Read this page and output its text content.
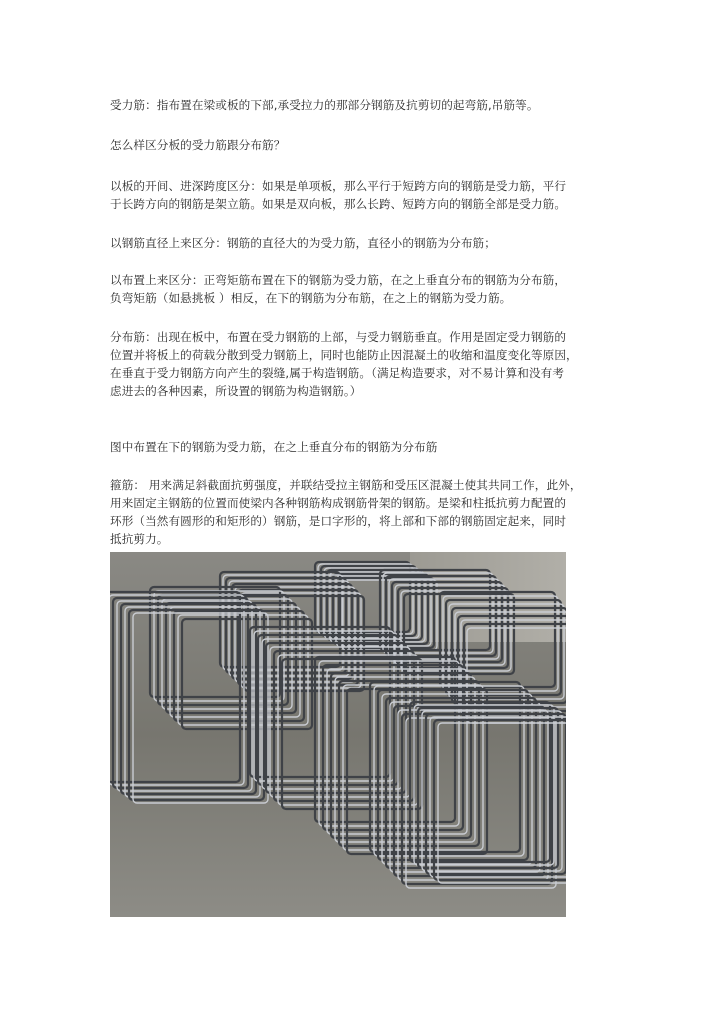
受力筋：指布置在梁或板的下部,承受拉力的那部分钢筋及抗剪切的起弯筋,吊筋等。
怎么样区分板的受力筋跟分布筋？
以板的开间、进深跨度区分：如果是单项板，那么平行于短跨方向的钢筋是受力筋，平行
于长跨方向的钢筋是架立筋。如果是双向板，那么长跨、短跨方向的钢筋全部是受力筋。
以钢筋直径上来区分：钢筋的直径大的为受力筋，直径小的钢筋为分布筋；
以布置上来区分：正弯矩筋布置在下的钢筋为受力筋，在之上垂直分布的钢筋为分布筋，
负弯矩筋（如悬挑板 ）相反，在下的钢筋为分布筋，在之上的钢筋为受力筋。
分布筋：出现在板中，布置在受力钢筋的上部，与受力钢筋垂直。作用是固定受力钢筋的
位置并将板上的荷载分散到受力钢筋上，同时也能防止因混凝土的收缩和温度变化等原因，
在垂直于受力钢筋方向产生的裂缝,属于构造钢筋。（满足构造要求，对不易计算和没有考
虑进去的各种因素，所设置的钢筋为构造钢筋。）
图中布置在下的钢筋为受力筋，在之上垂直分布的钢筋为分布筋
箍筋： 用来满足斜截面抗剪强度，并联结受拉主钢筋和受压区混凝土使其共同工作，此外，
用来固定主钢筋的位置而使梁内各种钢筋构成钢筋骨架的钢筋。是梁和柱抵抗剪力配置的
环形（当然有圆形的和矩形的）钢筋，是口字形的，将上部和下部的钢筋固定起来，同时
抵抗剪力。
